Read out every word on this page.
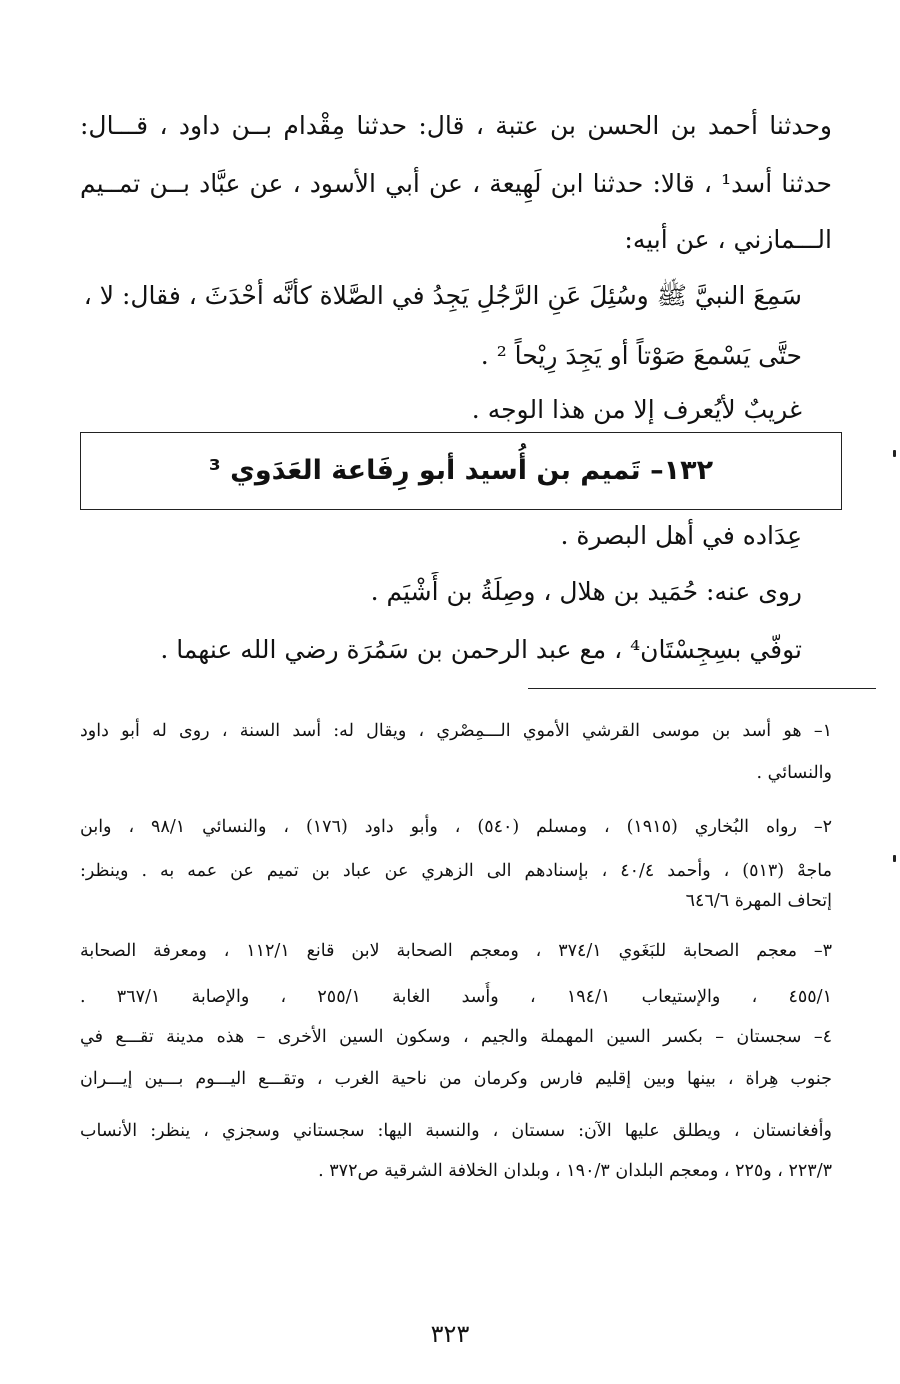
وحدثنا أحمد بن الحسن بن عتبة ، قال: حدثنا مِقْدام بــن داود ، قـــال:
حدثنا أسد¹ ، قالا: حدثنا ابن لَهِيعة ، عن أبي الأسود ، عن عبَّاد بــن تمــيم
الـــمازني ، عن أبيه:
سَمِعَ النبيَّ ﷺ وسُئِلَ عَنِ الرَّجُلِ يَجِدُ في الصَّلاة كأنَّه أحْدَثَ ، فقال: لا ،
حتَّى يَسْمعَ صَوْتاً أو يَجِدَ رِيْحاً ² .
غريبٌ لأيُعرف إلا من هذا الوجه .
١٣٢– تَميم بن أُسيد أبو رِفَاعة العَدَوي ³
عِدَاده في أهل البصرة .
روى عنه: حُمَيد بن هلال ، وصِلَةُ بن أَشْيَم .
توفّي بسِجِسْتَان⁴ ، مع عبد الرحمن بن سَمُرَة رضي الله عنهما .
١– هو أسد بن موسى القرشي الأموي الـــمِصْري ، ويقال له: أسد السنة ، روى له أبو داود
والنسائي .
٢– رواه البُخاري (١٩١٥) ، ومسلم (٥٤٠) ، وأبو داود (١٧٦) ، والنسائي ٩٨/١ ، وابن
ماجهْ (٥١٣) ، وأحمد ٤٠/٤ ، بإسنادهم الى الزهري عن عباد بن تميم عن عمه به . وينظر:
إتحاف المهرة ٦٤٦/٦
٣– معجم الصحابة للبَغَوي ٣٧٤/١ ، ومعجم الصحابة لابن قانع ١١٢/١ ، ومعرفة الصحابة
٤٥٥/١ ، والإستيعاب ١٩٤/١ ، وأُسد الغابة ٢٥٥/١ ، والإصابة ٣٦٧/١ .
٤– سجستان – بكسر السين المهملة والجيم ، وسكون السين الأخرى – هذه مدينة تقـــع في
جنوب هِراة ، بينها وبين إقليم فارس وكرمان من ناحية الغرب ، وتقـــع اليـــوم بـــين إيـــران
وأفغانستان ، ويطلق عليها الآن: سستان ، والنسبة اليها: سجستاني وسجزي ، ينظر: الأنساب
٢٢٣/٣ ، و٢٢٥ ، ومعجم البلدان ١٩٠/٣ ، وبلدان الخلافة الشرقية ص٣٧٢ .
٣٢٣
